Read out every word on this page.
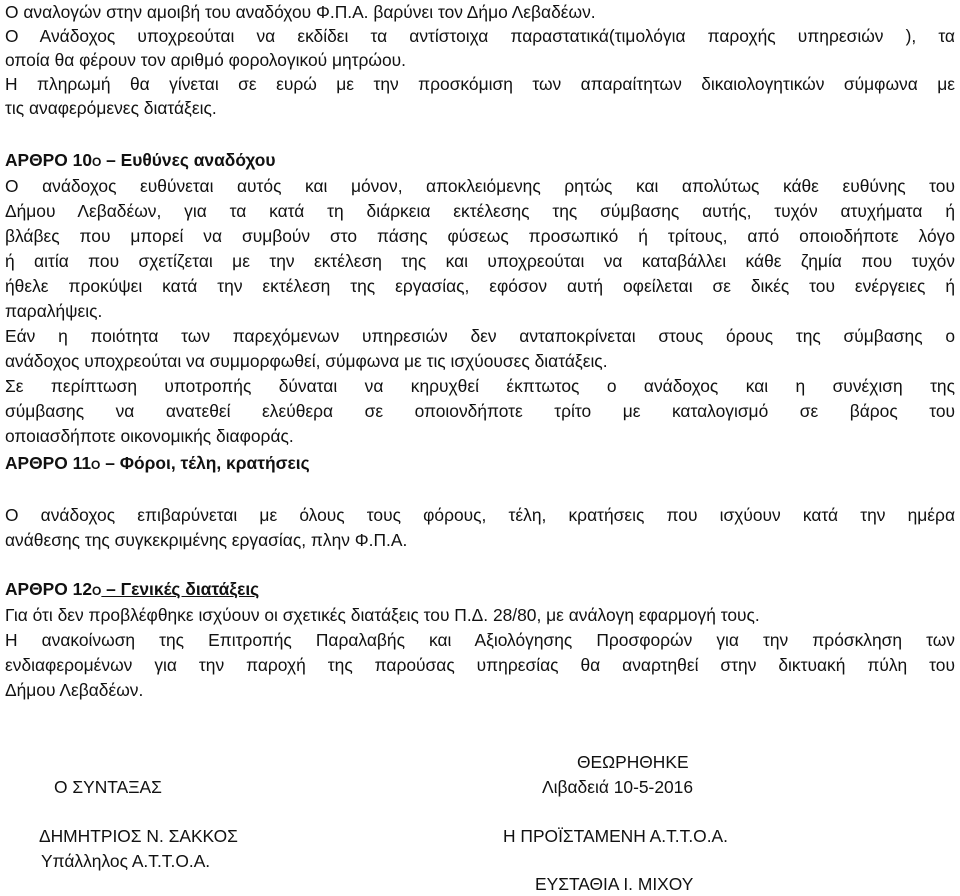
Ο αναλογών στην αμοιβή του αναδόχου Φ.Π.Α. βαρύνει τον Δήμο Λεβαδέων.
Ο Ανάδοχος υποχρεούται να εκδίδει τα αντίστοιχα παραστατικά(τιμολόγια παροχής υπηρεσιών ), τα
οποία θα φέρουν τον αριθμό φορολογικού μητρώου.
Η πληρωμή θα γίνεται σε ευρώ με την προσκόμιση των απαραίτητων δικαιολογητικών σύμφωνα με
τις αναφερόμενες διατάξεις.
ΑΡΘΡΟ 10Ο – Ευθύνες αναδόχου
Ο ανάδοχος ευθύνεται αυτός και μόνον, αποκλειόμενης ρητώς και απολύτως κάθε ευθύνης του
Δήμου Λεβαδέων, για τα κατά τη διάρκεια εκτέλεσης της σύμβασης αυτής, τυχόν ατυχήματα ή
βλάβες που μπορεί να συμβούν στο πάσης φύσεως προσωπικό ή τρίτους, από οποιοδήποτε λόγο
ή αιτία που σχετίζεται με την εκτέλεση της και υποχρεούται να καταβάλλει κάθε ζημία που τυχόν
ήθελε προκύψει κατά την εκτέλεση της εργασίας, εφόσον αυτή οφείλεται σε δικές του ενέργειες ή
παραλήψεις.
Εάν η ποιότητα των παρεχόμενων υπηρεσιών δεν ανταποκρίνεται στους όρους της σύμβασης ο
ανάδοχος υποχρεούται να συμμορφωθεί, σύμφωνα με τις ισχύουσες διατάξεις.
Σε περίπτωση υποτροπής δύναται να κηρυχθεί έκπτωτος ο ανάδοχος και η συνέχιση της
σύμβασης να ανατεθεί ελεύθερα σε οποιονδήποτε τρίτο με καταλογισμό σε βάρος του
οποιασδήποτε οικονομικής διαφοράς.
ΑΡΘΡΟ 11Ο – Φόροι, τέλη, κρατήσεις
Ο ανάδοχος επιβαρύνεται με όλους τους φόρους, τέλη, κρατήσεις που ισχύουν κατά την ημέρα
ανάθεσης της συγκεκριμένης εργασίας, πλην Φ.Π.Α.
ΑΡΘΡΟ 12Ο – Γενικές διατάξεις
Για ότι δεν προβλέφθηκε ισχύουν οι σχετικές διατάξεις του Π.Δ. 28/80, με ανάλογη εφαρμογή τους.
Η ανακοίνωση της Επιτροπής Παραλαβής και Αξιολόγησης Προσφορών για την πρόσκληση των
ενδιαφερομένων για την παροχή της παρούσας υπηρεσίας θα αναρτηθεί στην δικτυακή πύλη του
Δήμου Λεβαδέων.
ΘΕΩΡΗΘΗΚΕ
Ο ΣΥΝΤΑΞΑΣ	Λιβαδειά 10-5-2016
ΔΗΜΗΤΡΙΟΣ Ν. ΣΑΚΚΟΣ	Η ΠΡΟΪΣΤΑΜΕΝΗ Α.Τ.Τ.Ο.Α.
Υπάλληλος Α.Τ.Τ.Ο.Α.
ΕΥΣΤΑΘΙΑ Ι. ΜΙΧΟΥ
